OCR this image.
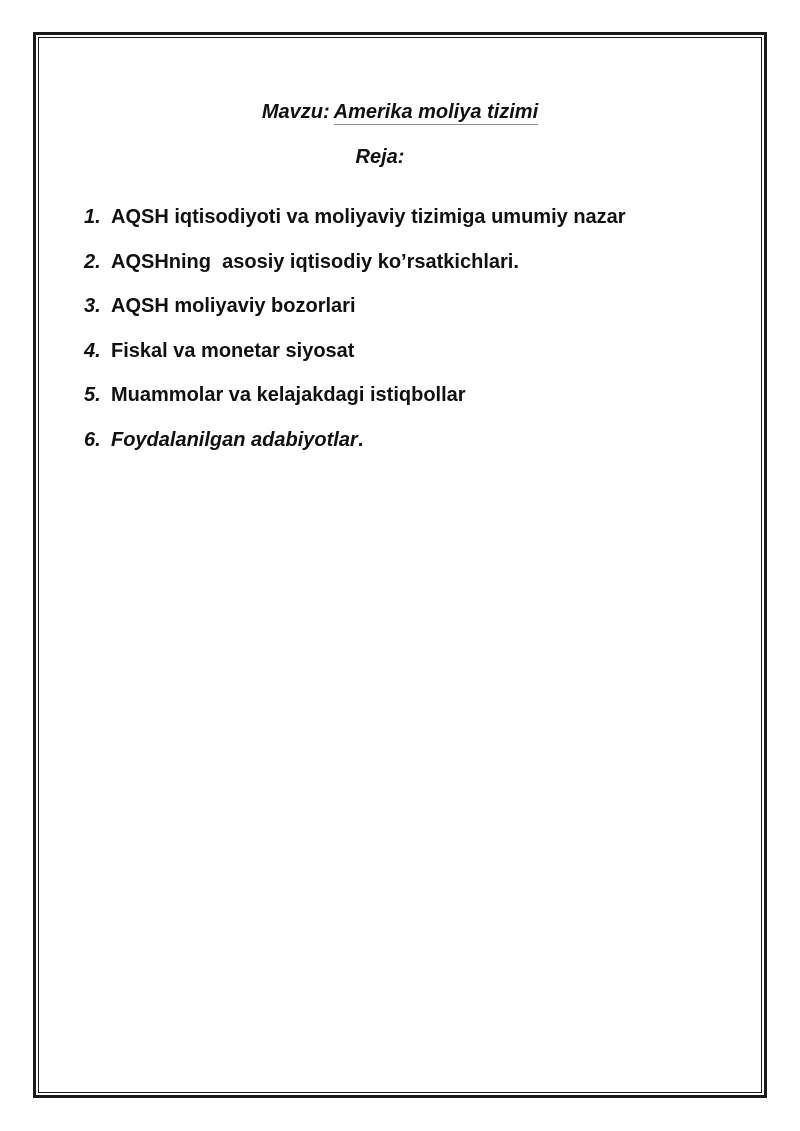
Mavzu: Amerika moliya tizimi
Reja:
1. AQSH iqtisodiyoti va moliyaviy tizimiga umumiy nazar
2. AQSHning  asosiy iqtisodiy ko’rsatkichlari.
3. AQSH moliyaviy bozorlari
4. Fiskal va monetar siyosat
5. Muammolar va kelajakdagi istiqbollar
6. Foydalanilgan adabiyotlar .
